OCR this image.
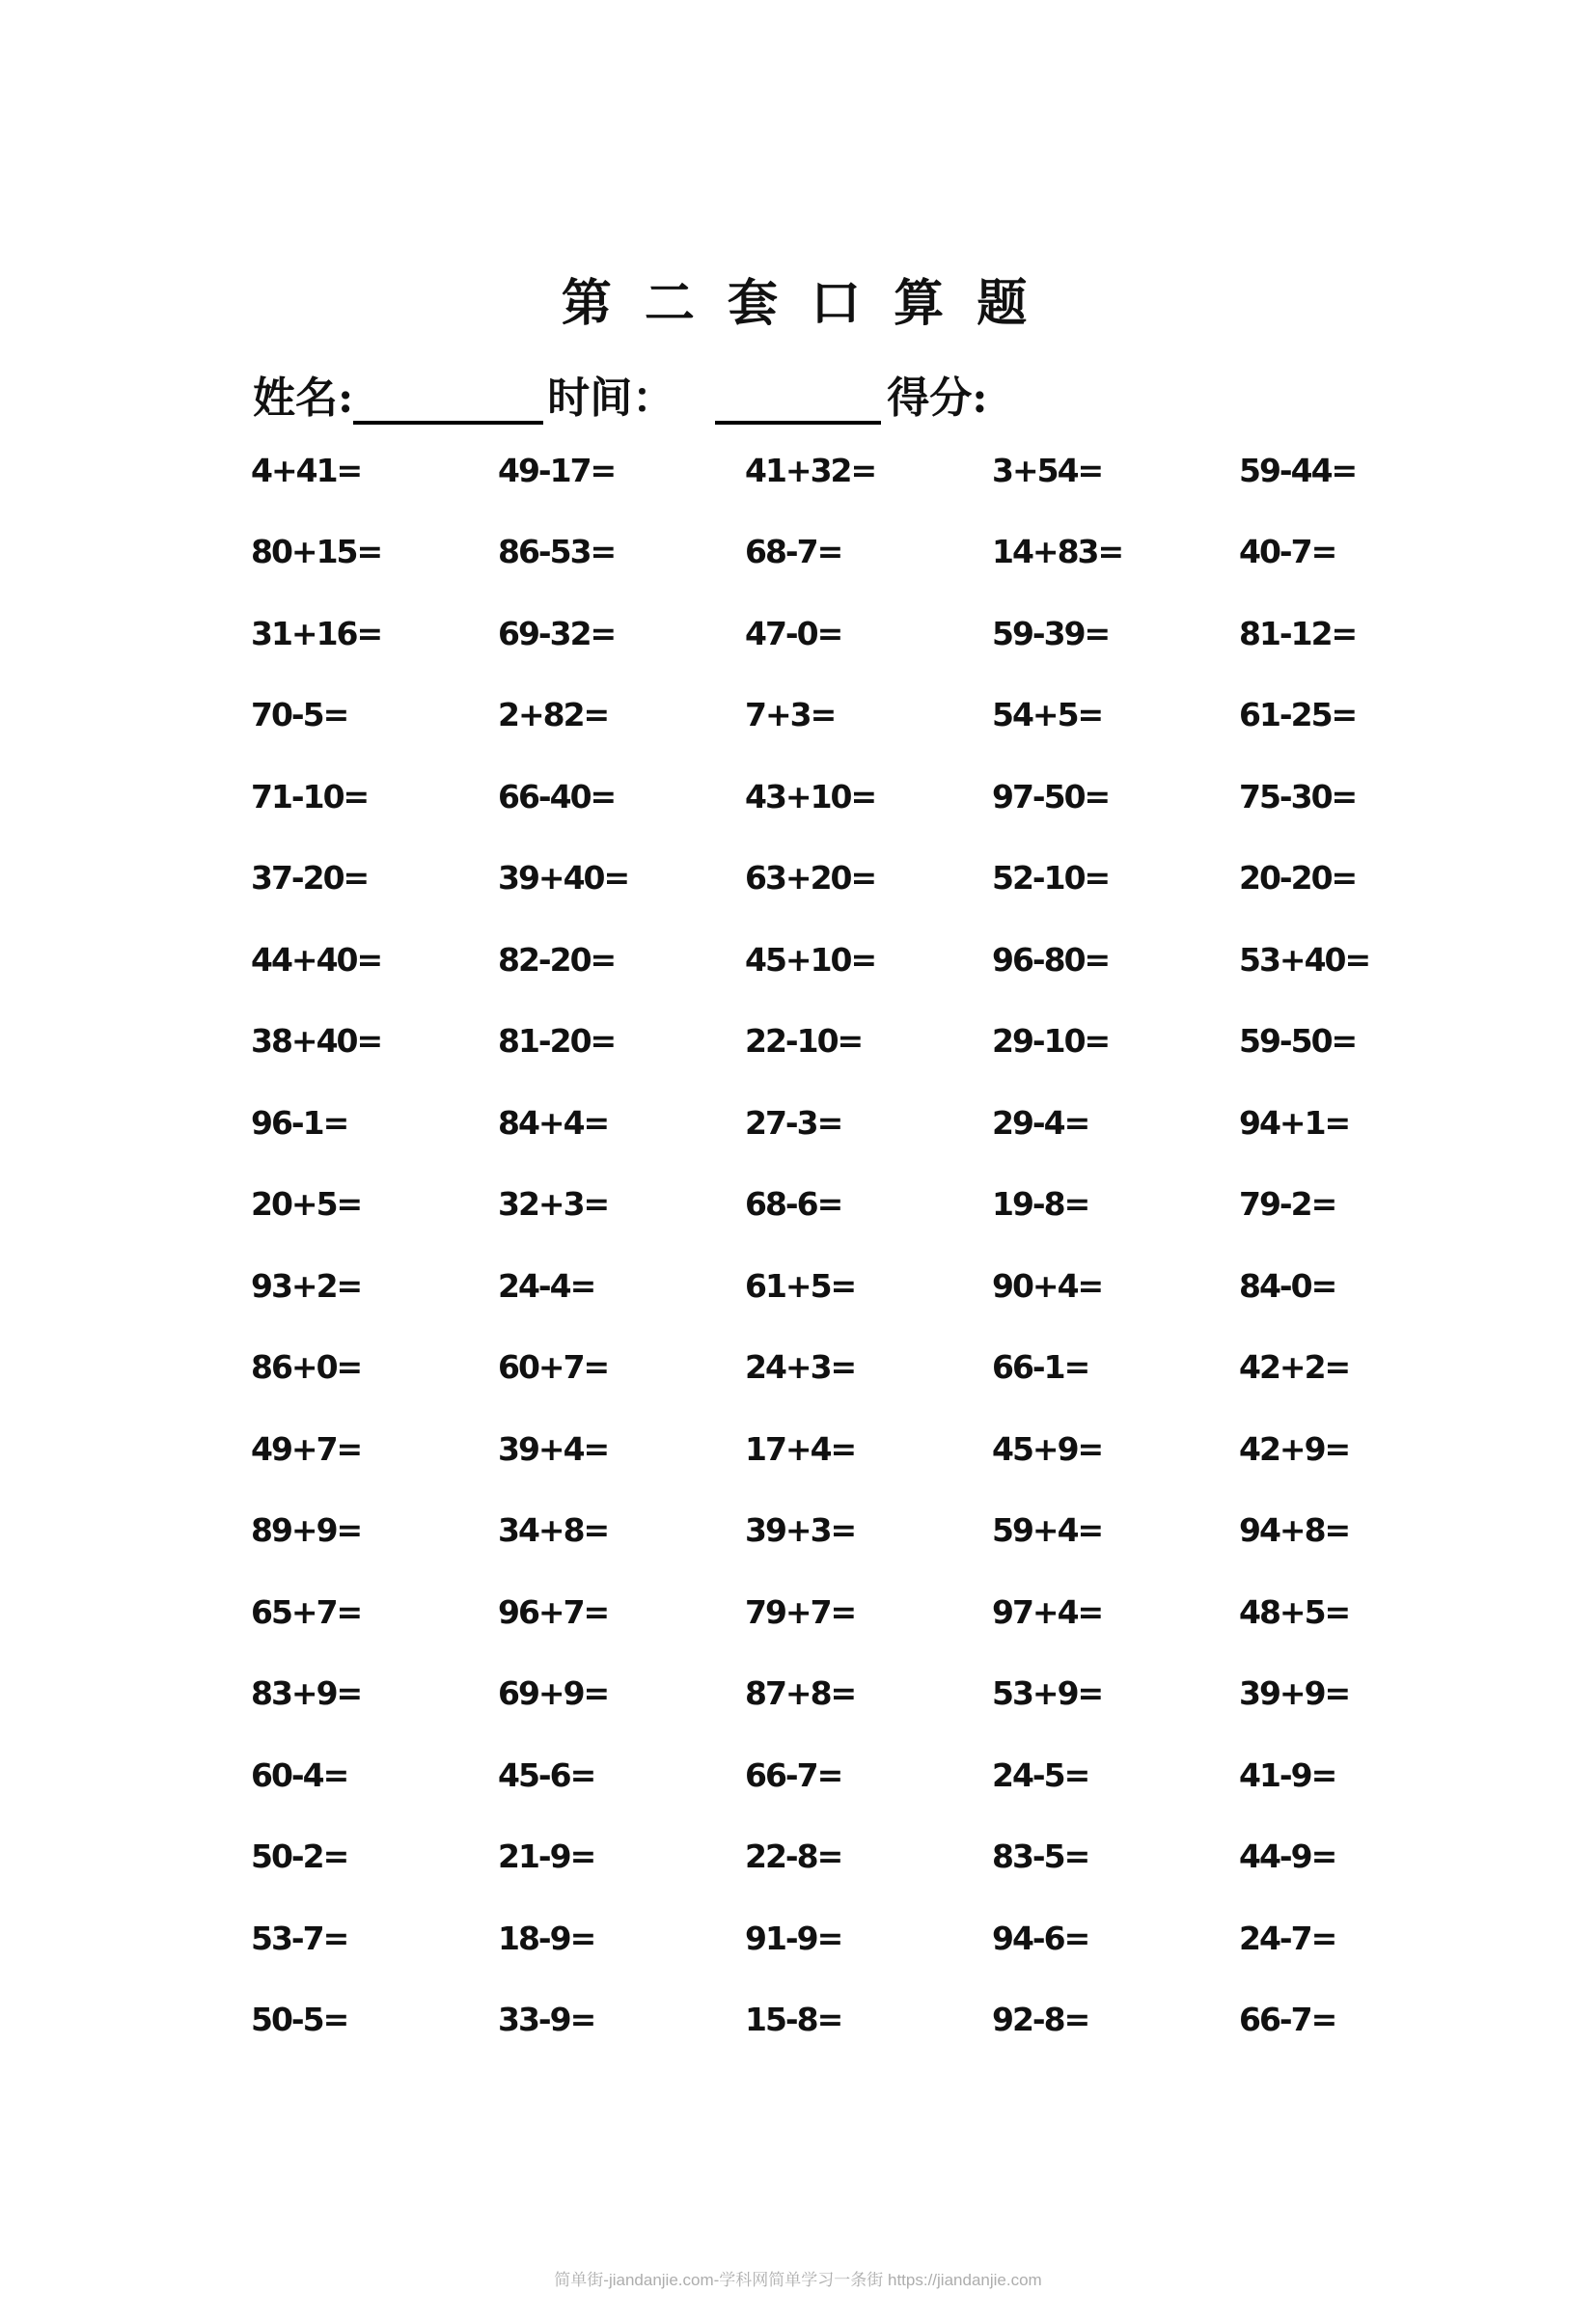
第 二 套 口 算 题
姓名:	时间：	得分:
4+41=	49-17=	41+32=	3+54=	59-44=
80+15=	86-53=	68-7=	14+83=	40-7=
31+16=	69-32=	47-0=	59-39=	81-12=
70-5=	2+82=	7+3=	54+5=	61-25=
71-10=	66-40=	43+10=	97-50=	75-30=
37-20=	39+40=	63+20=	52-10=	20-20=
44+40=	82-20=	45+10=	96-80=	53+40=
38+40=	81-20=	22-10=	29-10=	59-50=
96-1=	84+4=	27-3=	29-4=	94+1=
20+5=	32+3=	68-6=	19-8=	79-2=
93+2=	24-4=	61+5=	90+4=	84-0=
86+0=	60+7=	24+3=	66-1=	42+2=
49+7=	39+4=	17+4=	45+9=	42+9=
89+9=	34+8=	39+3=	59+4=	94+8=
65+7=	96+7=	79+7=	97+4=	48+5=
83+9=	69+9=	87+8=	53+9=	39+9=
60-4=	45-6=	66-7=	24-5=	41-9=
50-2=	21-9=	22-8=	83-5=	44-9=
53-7=	18-9=	91-9=	94-6=	24-7=
50-5=	33-9=	15-8=	92-8=	66-7=
简单街-jiandanjie.com-学科网简单学习一条街 https://jiandanjie.com
